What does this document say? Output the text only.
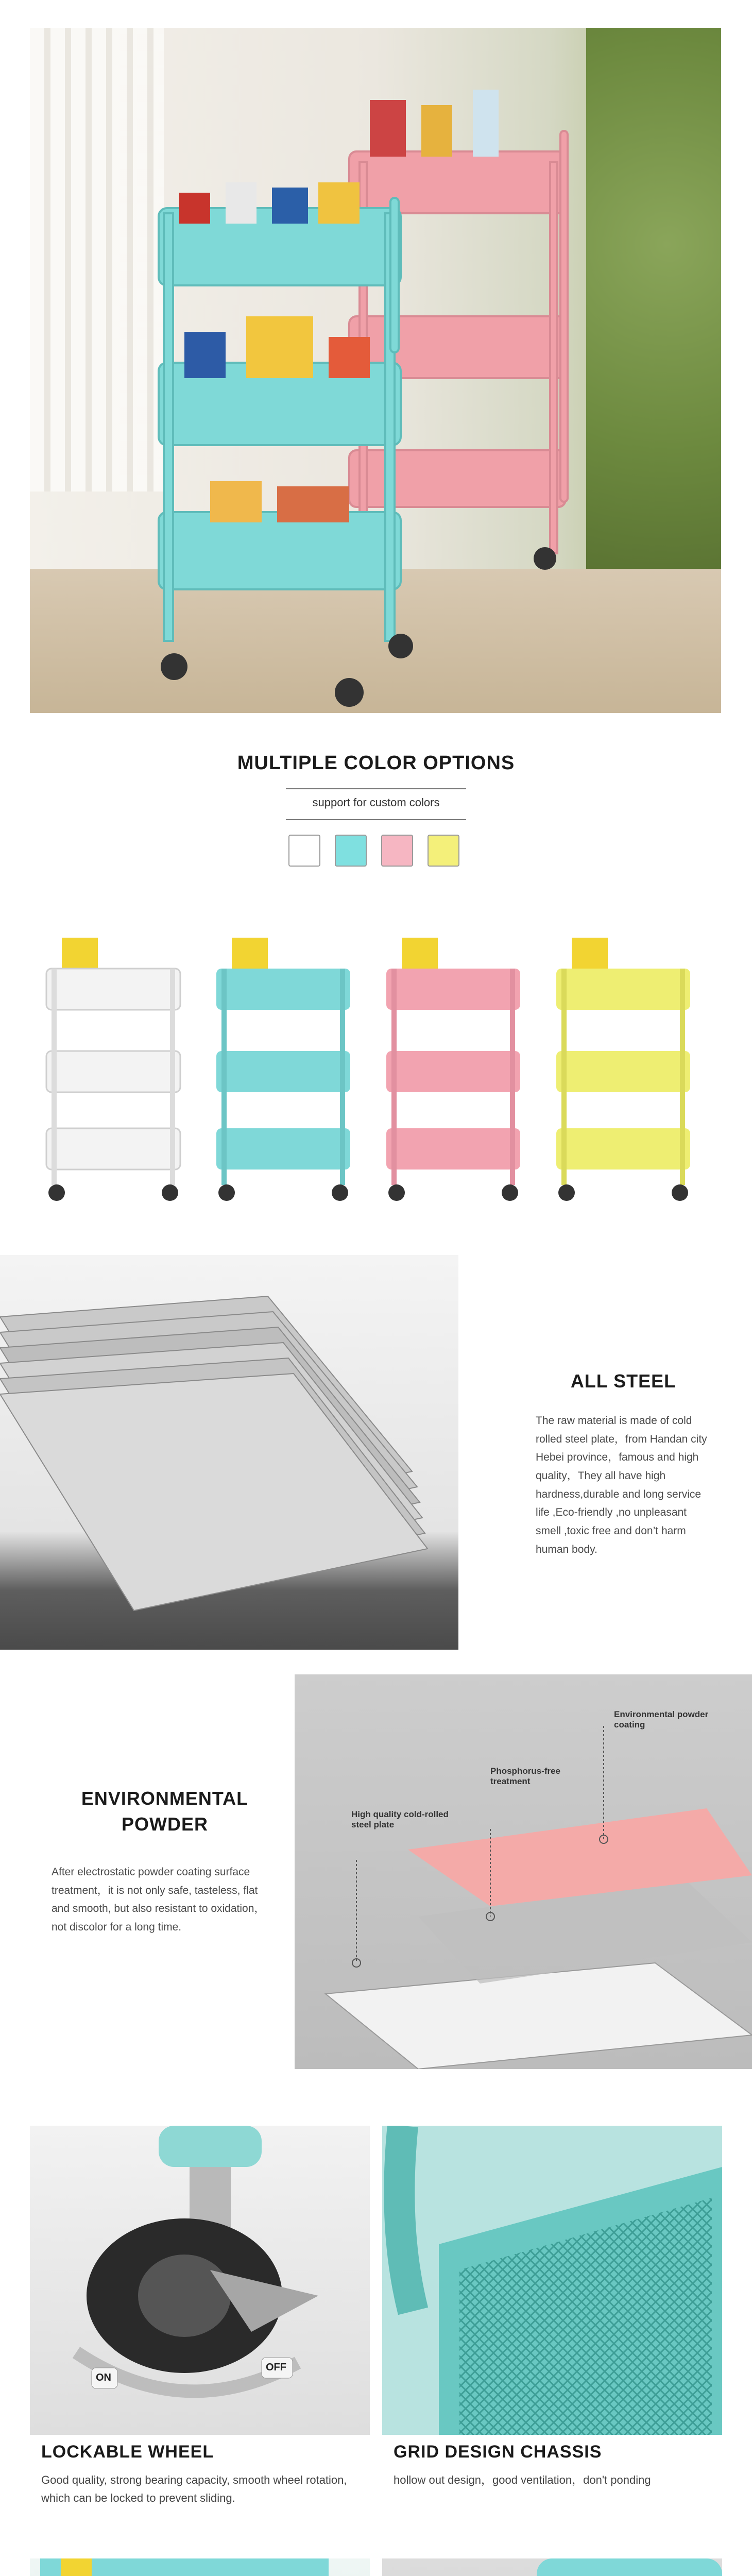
MULTIPLE COLOR OPTIONS
support for custom colors
ALL STEEL
The raw material is made of cold rolled steel plate，from Handan city Hebei province，famous and high quality，They all have high hardness,durable and long service life ,Eco-friendly ,no unpleasant smell ,toxic free and don’t harm human body.
ENVIRONMENTAL
POWDER
After electrostatic powder coating surface treatment，it is not only safe, tasteless, flat and smooth, but also resistant to oxidation，not discolor for a long time.
Environmental powder coating
Phosphorus-free treatment
High quality cold-rolled steel plate
ON
OFF
LOCKABLE WHEEL
Good quality, strong bearing capacity, smooth wheel rotation, which can be locked to prevent sliding.
GRID DESIGN CHASSIS
hollow out design，good ventilation，don't ponding
